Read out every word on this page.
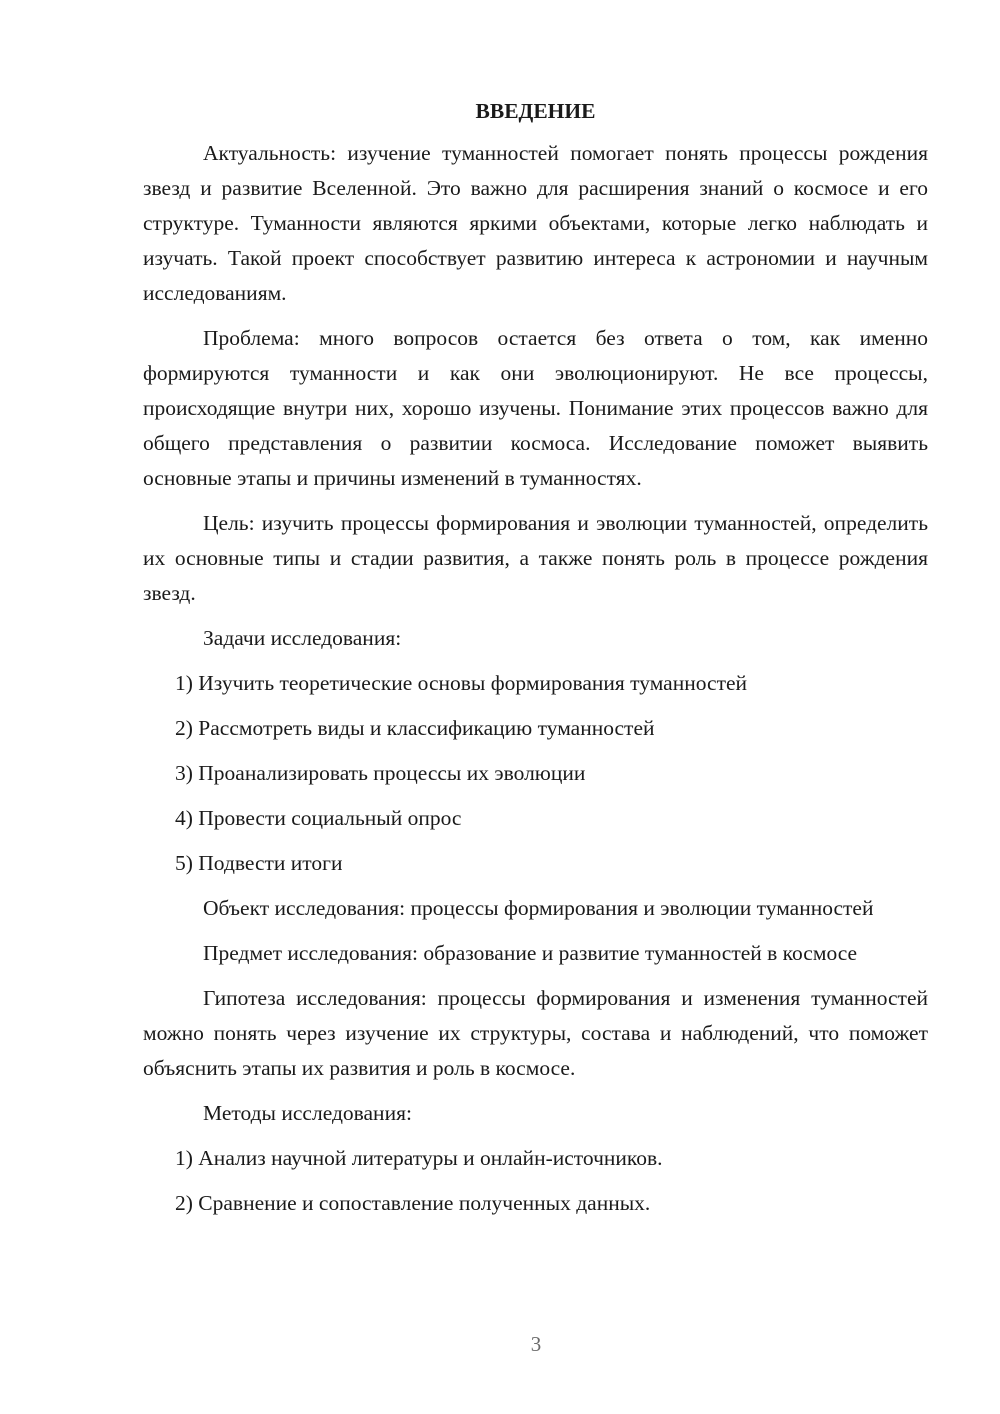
ВВЕДЕНИЕ

Актуальность: изучение туманностей помогает понять процессы рождения звезд и развитие Вселенной. Это важно для расширения знаний о космосе и его структуре. Туманности являются яркими объектами, которые легко наблюдать и изучать. Такой проект способствует развитию интереса к астрономии и научным исследованиям.

Проблема: много вопросов остается без ответа о том, как именно формируются туманности и как они эволюционируют. Не все процессы, происходящие внутри них, хорошо изучены. Понимание этих процессов важно для общего представления о развитии космоса. Исследование поможет выявить основные этапы и причины изменений в туманностях.

Цель: изучить процессы формирования и эволюции туманностей, определить их основные типы и стадии развития, а также понять роль в процессе рождения звезд.

Задачи исследования:

1) Изучить теоретические основы формирования туманностей
2) Рассмотреть виды и классификацию туманностей
3) Проанализировать процессы их эволюции
4) Провести социальный опрос
5) Подвести итоги

Объект исследования: процессы формирования и эволюции туманностей

Предмет исследования: образование и развитие туманностей в космосе

Гипотеза исследования: процессы формирования и изменения туманностей можно понять через изучение их структуры, состава и наблюдений, что поможет объяснить этапы их развития и роль в космосе.

Методы исследования:

1) Анализ научной литературы и онлайн-источников.
2) Сравнение и сопоставление полученных данных.
3
